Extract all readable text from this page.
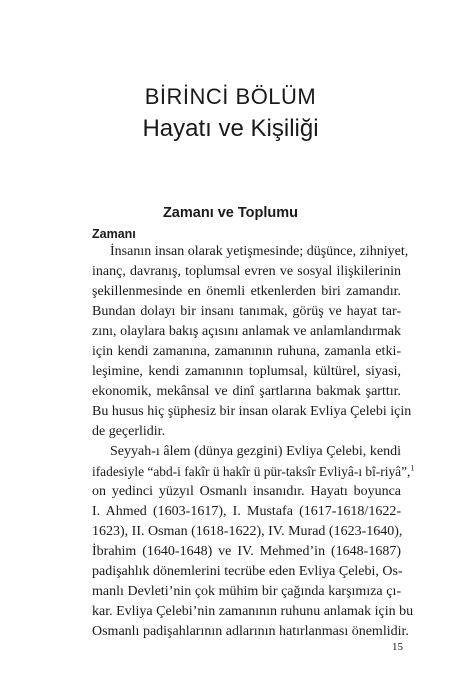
BİRİNCİ BÖLÜM
Hayatı ve Kişiliği
Zamanı ve Toplumu
Zamanı
İnsanın insan olarak yetişmesinde; düşünce, zihniyet,
inanç, davranış, toplumsal evren ve sosyal ilişkilerinin
şekillenmesinde en önemli etkenlerden biri zamandır.
Bundan dolayı bir insanı tanımak, görüş ve hayat tar-
zını, olaylara bakış açısını anlamak ve anlamlandırmak
için kendi zamanına, zamanının ruhuna, zamanla etki-
leşimine, kendi zamanının toplumsal, kültürel, siyasi,
ekonomik, mekânsal ve dinî şartlarına bakmak şarttır.
Bu husus hiç şüphesiz bir insan olarak Evliya Çelebi için
de geçerlidir.
Seyyah-ı âlem (dünya gezgini) Evliya Çelebi, kendi
ifadesiyle “abd-i fakîr ü hakîr ü pür-taksîr Evliyâ-ı bî-riyâ”,$^1$
on yedinci yüzyıl Osmanlı insanıdır. Hayatı boyunca
I. Ahmed (1603-1617), I. Mustafa (1617-1618/1622-
1623), II. Osman (1618-1622), IV. Murad (1623-1640),
İbrahim (1640-1648) ve IV. Mehmed’in (1648-1687)
padişahlık dönemlerini tecrübe eden Evliya Çelebi, Os-
manlı Devleti’nin çok mühim bir çağında karşımıza çı-
kar. Evliya Çelebi’nin zamanının ruhunu anlamak için bu
Osmanlı padişahlarının adlarının hatırlanması önemlidir.
15
